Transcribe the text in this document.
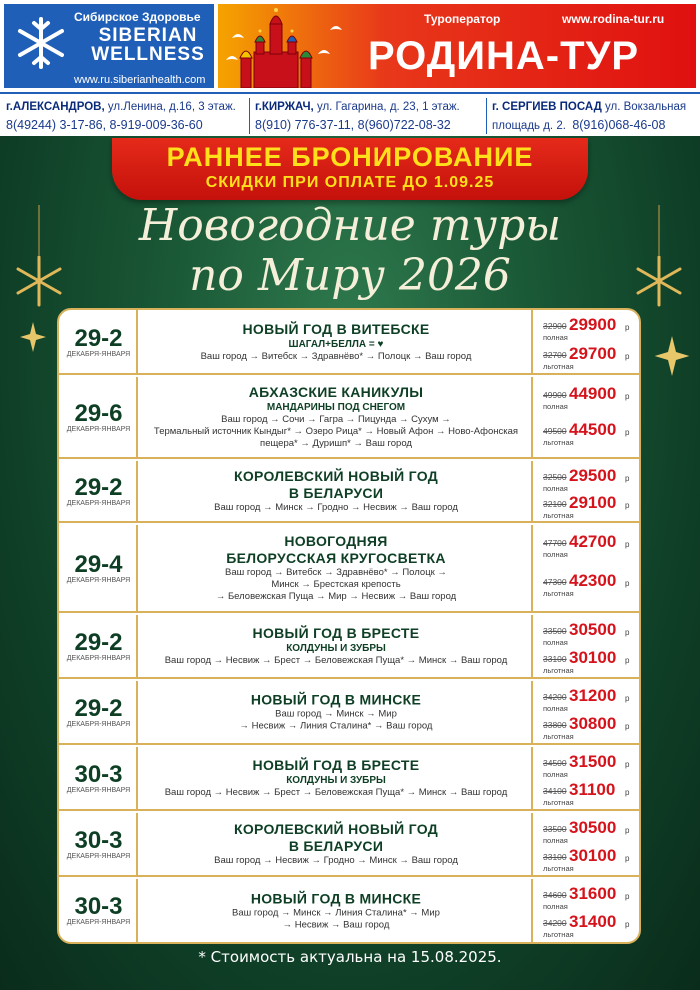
Сибирское Здоровье
SIBERIAN
WELLNESS
www.ru.siberianhealth.com
Туроператор	www.rodina-tur.ru
РОДИНА-ТУР
г.АЛЕКСАНДРОВ, ул.Ленина, д.16, 3 этаж.
8(49244) 3-17-86, 8-919-009-36-60
г.КИРЖАЧ, ул. Гагарина, д. 23, 1 этаж.
8(910) 776-37-11, 8(960)722-08-32
г. СЕРГИЕВ ПОСАД ул. Вокзальная
площадь д. 2. 8(916)068-46-08
РАННЕЕ БРОНИРОВАНИЕ
СКИДКИ ПРИ ОПЛАТЕ ДО 1.09.25
Новогодние туры
по Миру 2026
29-2
ДЕКАБРЯ-ЯНВАРЯ
НОВЫЙ ГОД В ВИТЕБСКЕ
ШАГАЛ+БЕЛЛА = ♥
Ваш город → Витебск → Здравнёво* → Полоцк → Ваш город
32900 29900 р
полная
32700 29700 р
льготная
29-6
ДЕКАБРЯ-ЯНВАРЯ
АБХАЗСКИЕ КАНИКУЛЫ
МАНДАРИНЫ ПОД СНЕГОМ
Ваш город → Сочи → Гагра → Пицунда → Сухум →
Термальный источник Кындыг* → Озеро Рица* → Новый Афон → Ново-Афонская
пещера* → Дуришп* → Ваш город
49900 44900 р
полная
49500 44500 р
льготная
29-2
ДЕКАБРЯ-ЯНВАРЯ
КОРОЛЕВСКИЙ НОВЫЙ ГОД
В БЕЛАРУСИ
Ваш город → Минск → Гродно → Несвиж → Ваш город
32500 29500 р
полная
32100 29100 р
льготная
29-4
ДЕКАБРЯ-ЯНВАРЯ
НОВОГОДНЯЯ
БЕЛОРУССКАЯ КРУГОСВЕТКА
Ваш город → Витебск → Здравнёво* → Полоцк →
Минск → Брестская крепость
→ Беловежская Пуща → Мир → Несвиж → Ваш город
47700 42700 р
полная
47300 42300 р
льготная
29-2
ДЕКАБРЯ-ЯНВАРЯ
НОВЫЙ ГОД В БРЕСТЕ
КОЛДУНЫ И ЗУБРЫ
Ваш город → Несвиж → Брест → Беловежская Пуща* → Минск → Ваш город
33500 30500 р
полная
33100 30100 р
льготная
29-2
ДЕКАБРЯ-ЯНВАРЯ
НОВЫЙ ГОД В МИНСКЕ
Ваш город → Минск → Мир
→ Несвиж → Линия Сталина* → Ваш город
34200 31200 р
полная
33800 30800 р
льготная
30-3
ДЕКАБРЯ-ЯНВАРЯ
НОВЫЙ ГОД В БРЕСТЕ
КОЛДУНЫ И ЗУБРЫ
Ваш город → Несвиж → Брест → Беловежская Пуща* → Минск → Ваш город
34500 31500 р
полная
34100 31100 р
льготная
30-3
ДЕКАБРЯ-ЯНВАРЯ
КОРОЛЕВСКИЙ НОВЫЙ ГОД
В БЕЛАРУСИ
Ваш город → Несвиж → Гродно → Минск → Ваш город
33500 30500 р
полная
33100 30100 р
льготная
30-3
ДЕКАБРЯ-ЯНВАРЯ
НОВЫЙ ГОД В МИНСКЕ
Ваш город → Минск → Линия Сталина* → Мир
→ Несвиж → Ваш город
34600 31600 р
полная
34200 31400 р
льготная
* Стоимость актуальна на 15.08.2025.
